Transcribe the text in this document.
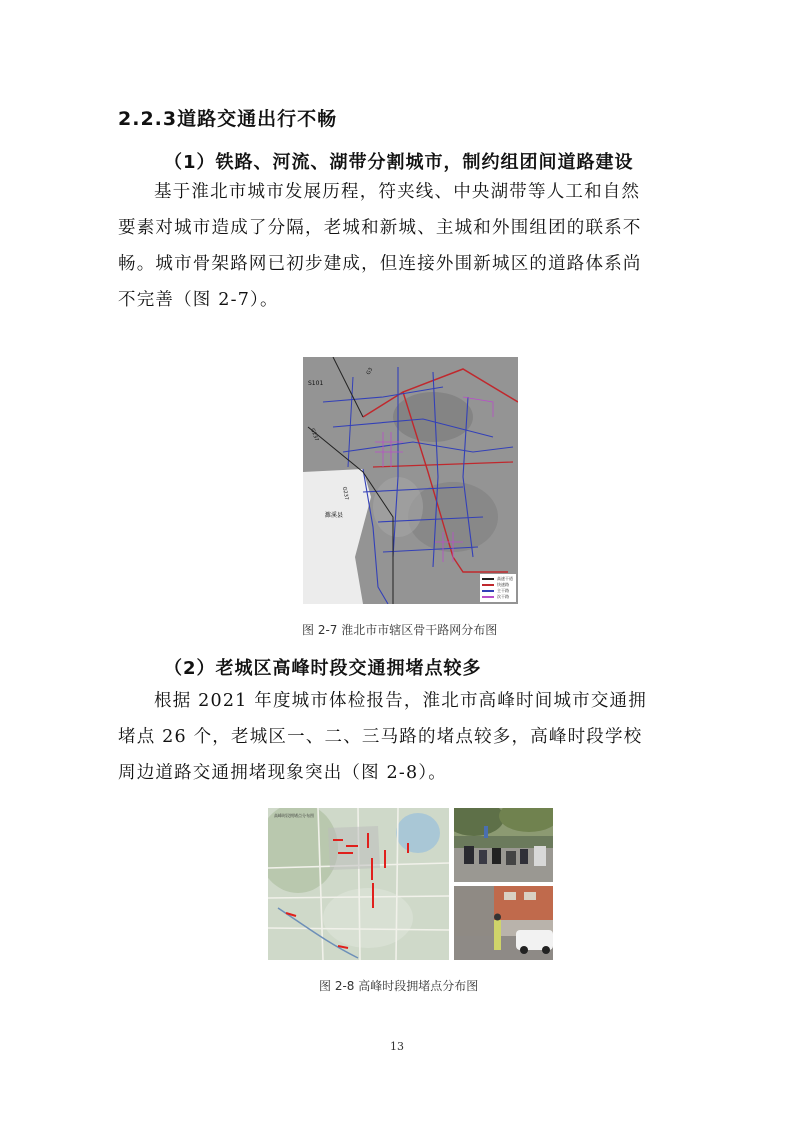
2.2.3道路交通出行不畅
（1）铁路、河流、湖带分割城市，制约组团间道路建设
基于淮北市城市发展历程，符夹线、中央湖带等人工和自然
要素对城市造成了分隔，老城和新城、主城和外围组团的联系不
畅。城市骨架路网已初步建成，但连接外围新城区的道路体系尚
不完善（图 2-7）。
S101
G3
G237
G237
濉溪县
高速干道
快速路
主干路
次干路
图 2-7 淮北市市辖区骨干路网分布图
（2）老城区高峰时段交通拥堵点较多
根据 2021 年度城市体检报告，淮北市高峰时间城市交通拥
堵点 26 个，老城区一、二、三马路的堵点较多，高峰时段学校
周边道路交通拥堵现象突出（图 2-8）。
高峰时段拥堵点分布图
图 2-8 高峰时段拥堵点分布图
13
